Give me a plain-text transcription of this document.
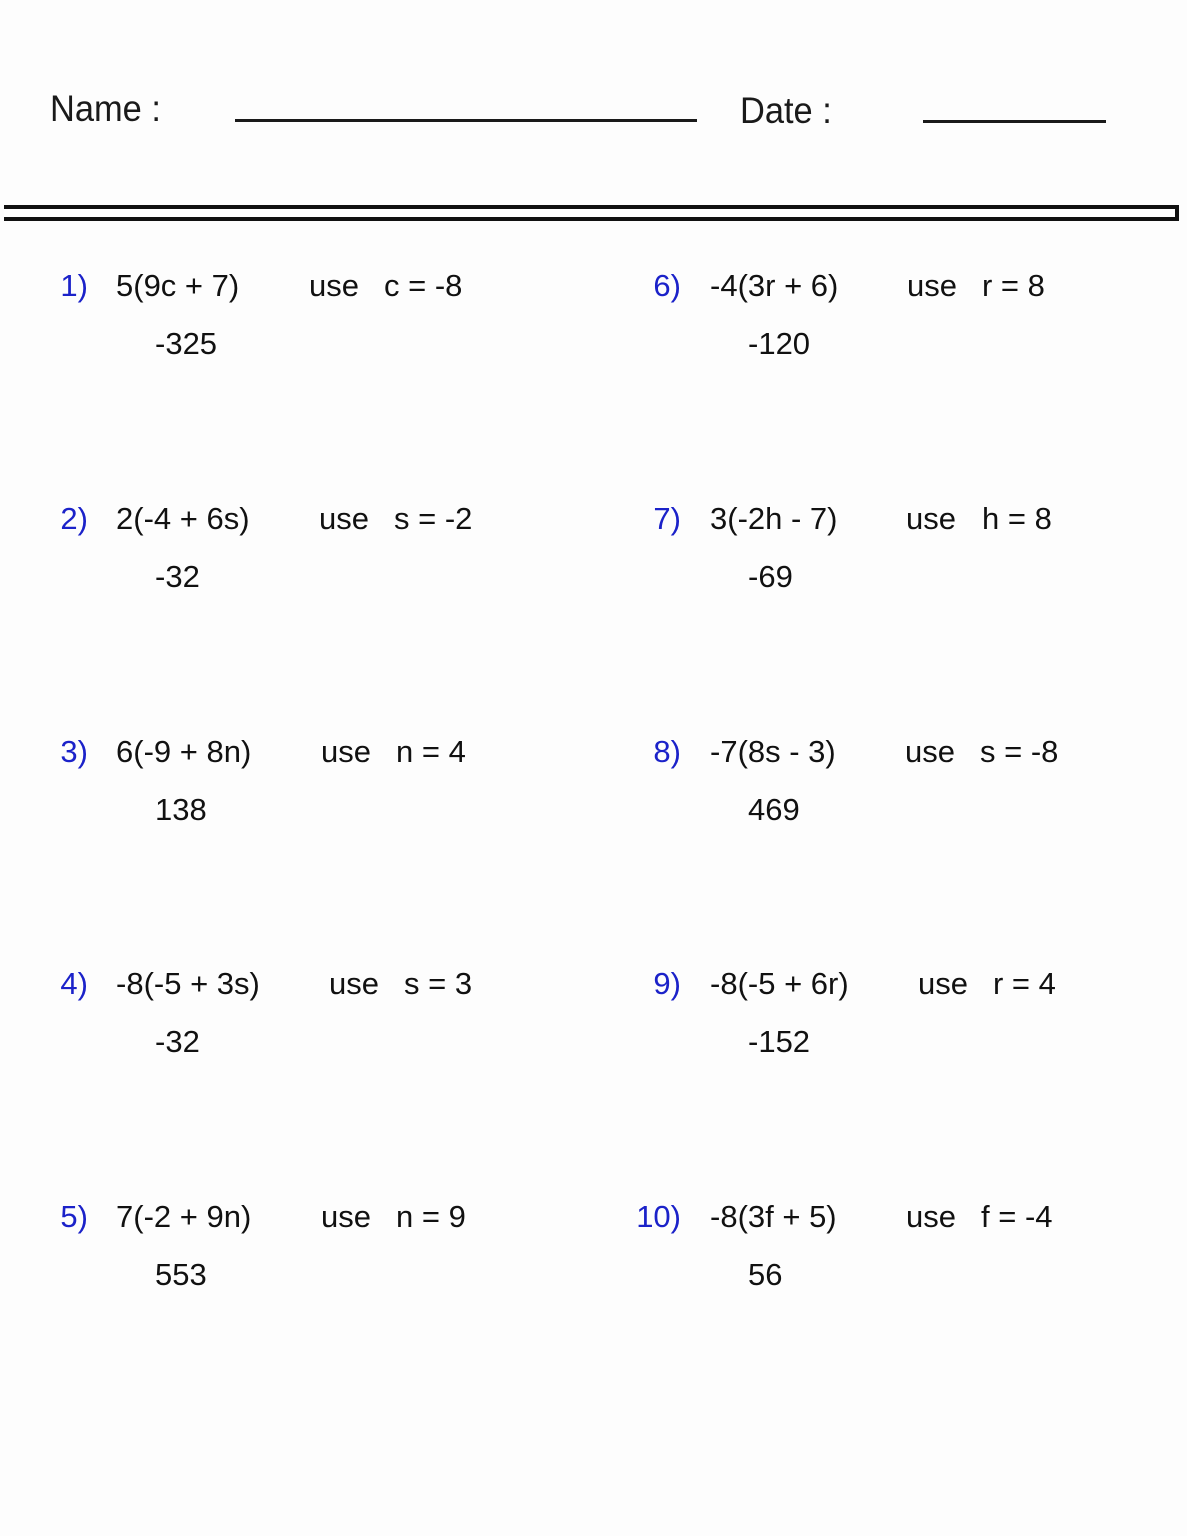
Name :	Date :
1) 5(9c + 7) use c = -8
-325
2) 2(-4 + 6s) use s = -2
-32
3) 6(-9 + 8n) use n = 4
138
4) -8(-5 + 3s) use s = 3
-32
5) 7(-2 + 9n) use n = 9
553
6) -4(3r + 6) use r = 8
-120
7) 3(-2h - 7) use h = 8
-69
8) -7(8s - 3) use s = -8
469
9) -8(-5 + 6r) use r = 4
-152
10) -8(3f + 5) use f = -4
56
